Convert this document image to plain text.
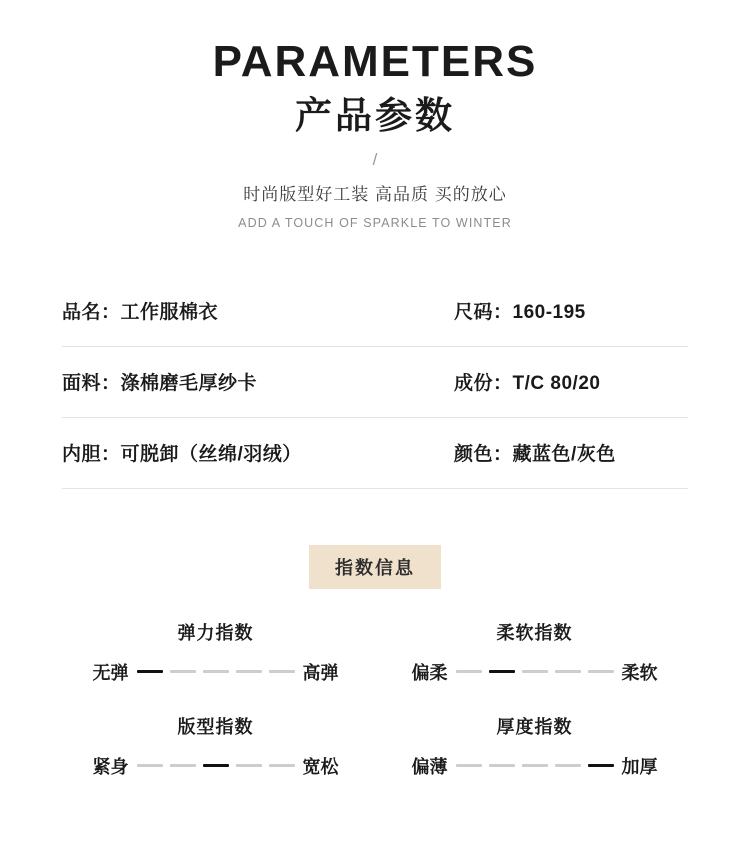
PARAMETERS
产品参数
/
时尚版型好工装 高品质 买的放心
ADD A TOUCH OF SPARKLE TO WINTER
品名： 工作服棉衣	尺码： 160-195
面料： 涤棉磨毛厚纱卡	成份： T/C 80/20
内胆： 可脱卸（丝绵/羽绒）	颜色： 藏蓝色/灰色
指数信息
弹力指数
无弹	高弹
柔软指数
偏柔	柔软
版型指数
紧身	宽松
厚度指数
偏薄	加厚
